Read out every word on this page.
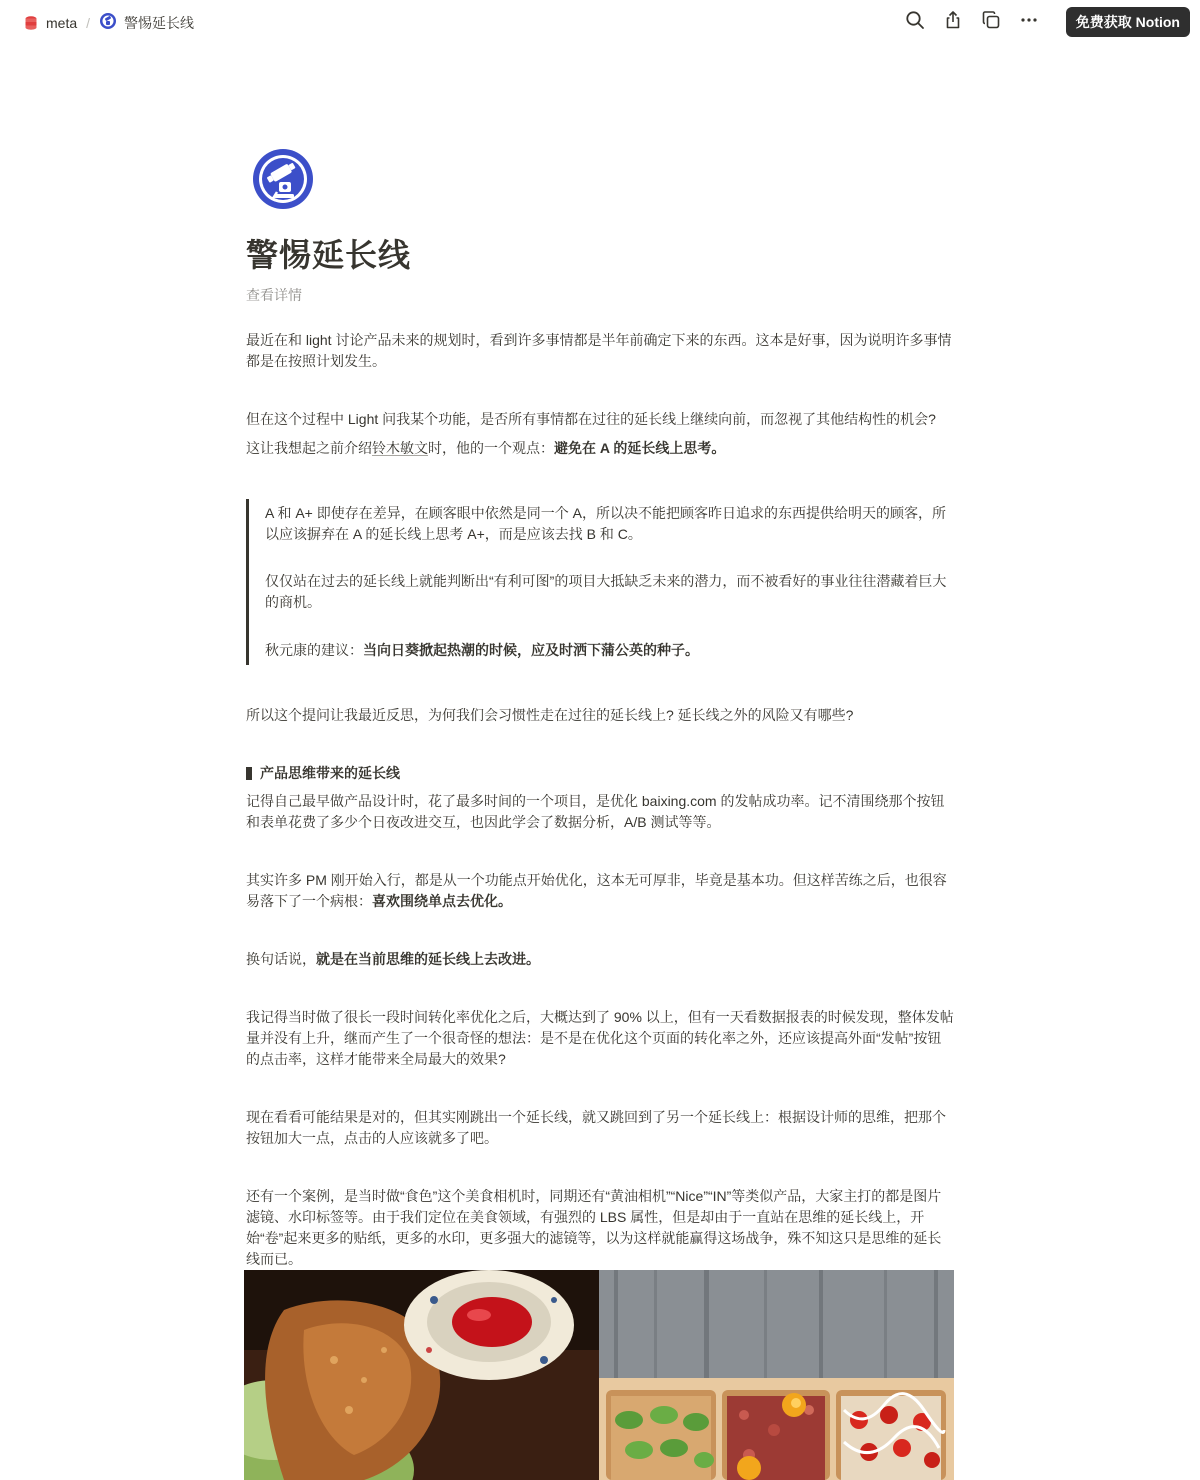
meta / 警惕延长线	免费获取 Notion
警惕延长线
查看详情

最近在和 light 讨论产品未来的规划时，看到许多事情都是半年前确定下来的东西。这本是好事，因为说明许多事情都是在按照计划发生。

但在这个过程中 Light 问我某个功能，是否所有事情都在过往的延长线上继续向前，而忽视了其他结构性的机会?

这让我想起之前介绍铃木敏文时，他的一个观点：避免在 A 的延长线上思考。

A 和 A+ 即使存在差异，在顾客眼中依然是同一个 A，所以决不能把顾客昨日追求的东西提供给明天的顾客，所以应该摒弃在 A 的延长线上思考 A+，而是应该去找 B 和 C。

仅仅站在过去的延长线上就能判断出“有利可图”的项目大抵缺乏未来的潜力，而不被看好的事业往往潜藏着巨大的商机。

秋元康的建议：当向日葵掀起热潮的时候，应及时洒下蒲公英的种子。

所以这个提问让我最近反思，为何我们会习惯性走在过往的延长线上? 延长线之外的风险又有哪些?

产品思维带来的延长线

记得自己最早做产品设计时，花了最多时间的一个项目，是优化 baixing.com 的发帖成功率。记不清围绕那个按钮和表单花费了多少个日夜改进交互，也因此学会了数据分析，A/B 测试等等。

其实许多 PM 刚开始入行，都是从一个功能点开始优化，这本无可厚非，毕竟是基本功。但这样苦练之后，也很容易落下了一个病根：喜欢围绕单点去优化。

换句话说，就是在当前思维的延长线上去改进。

我记得当时做了很长一段时间转化率优化之后，大概达到了 90% 以上，但有一天看数据报表的时候发现，整体发帖量并没有上升，继而产生了一个很奇怪的想法：是不是在优化这个页面的转化率之外，还应该提高外面“发帖”按钮的点击率，这样才能带来全局最大的效果?

现在看看可能结果是对的，但其实刚跳出一个延长线，就又跳回到了另一个延长线上：根据设计师的思维，把那个按钮加大一点，点击的人应该就多了吧。

还有一个案例，是当时做“食色”这个美食相机时，同期还有“黄油相机”“Nice”“IN”等类似产品，大家主打的都是图片滤镜、水印标签等。由于我们定位在美食领域，有强烈的 LBS 属性，但是却由于一直站在思维的延长线上，开始“卷”起来更多的贴纸，更多的水印，更多强大的滤镜等，以为这样就能赢得这场战争，殊不知这只是思维的延长线而已。
